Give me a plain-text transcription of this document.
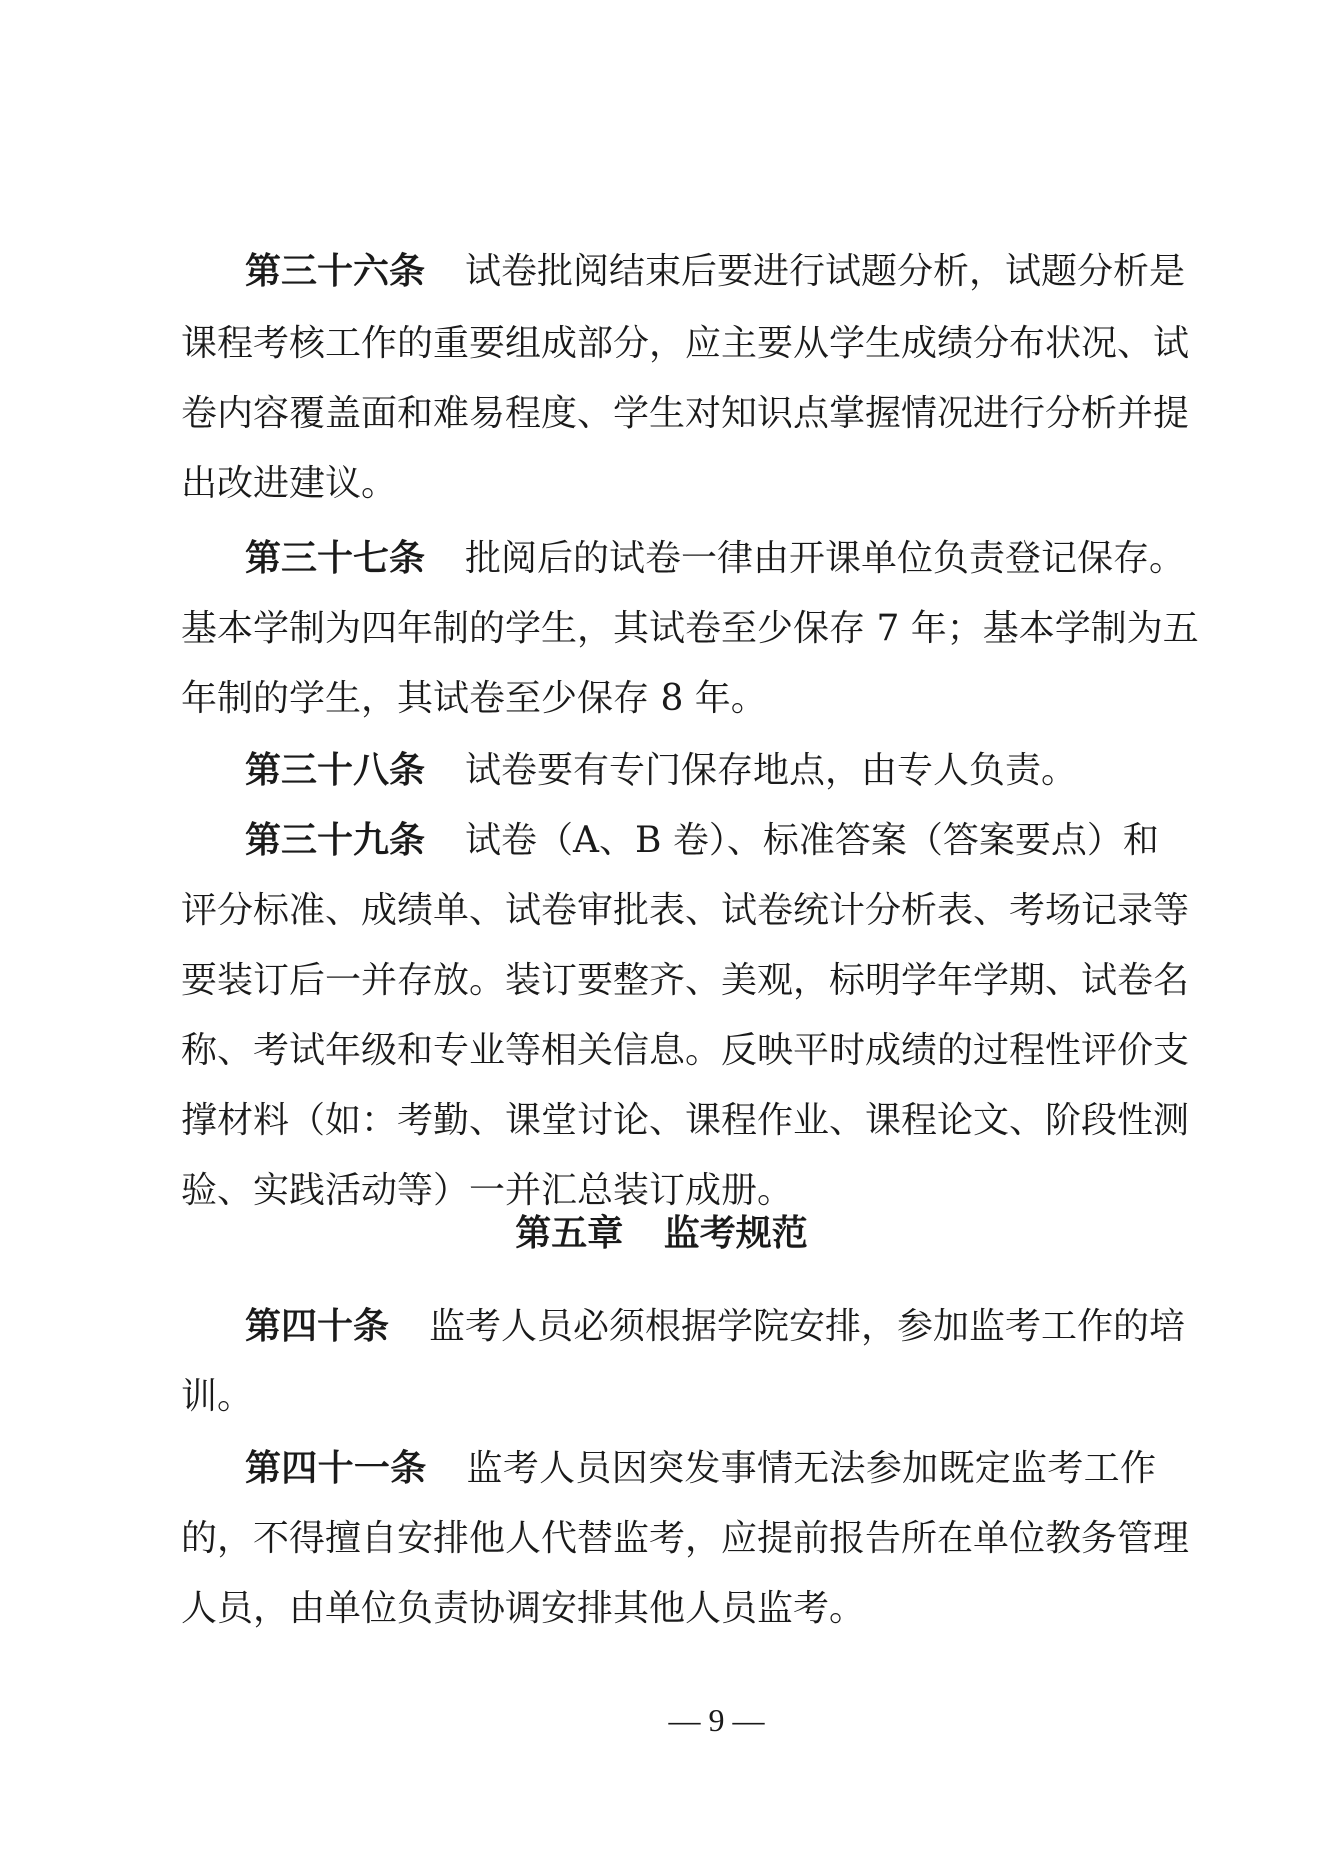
第三十六条 试卷批阅结束后要进行试题分析，试题分析是
课程考核工作的重要组成部分，应主要从学生成绩分布状况、试
卷内容覆盖面和难易程度、学生对知识点掌握情况进行分析并提
出改进建议。
第三十七条 批阅后的试卷一律由开课单位负责登记保存。
基本学制为四年制的学生，其试卷至少保存 7 年；基本学制为五
年制的学生，其试卷至少保存 8 年。
第三十八条 试卷要有专门保存地点，由专人负责。
第三十九条 试卷（A、B 卷）、标准答案（答案要点）和
评分标准、成绩单、试卷审批表、试卷统计分析表、考场记录等
要装订后一并存放。装订要整齐、美观，标明学年学期、试卷名
称、考试年级和专业等相关信息。反映平时成绩的过程性评价支
撑材料（如：考勤、课堂讨论、课程作业、课程论文、阶段性测
验、实践活动等）一并汇总装订成册。
第五章 监考规范
第四十条 监考人员必须根据学院安排，参加监考工作的培
训。
第四十一条 监考人员因突发事情无法参加既定监考工作
的，不得擅自安排他人代替监考，应提前报告所在单位教务管理
人员，由单位负责协调安排其他人员监考。
— 9 —
